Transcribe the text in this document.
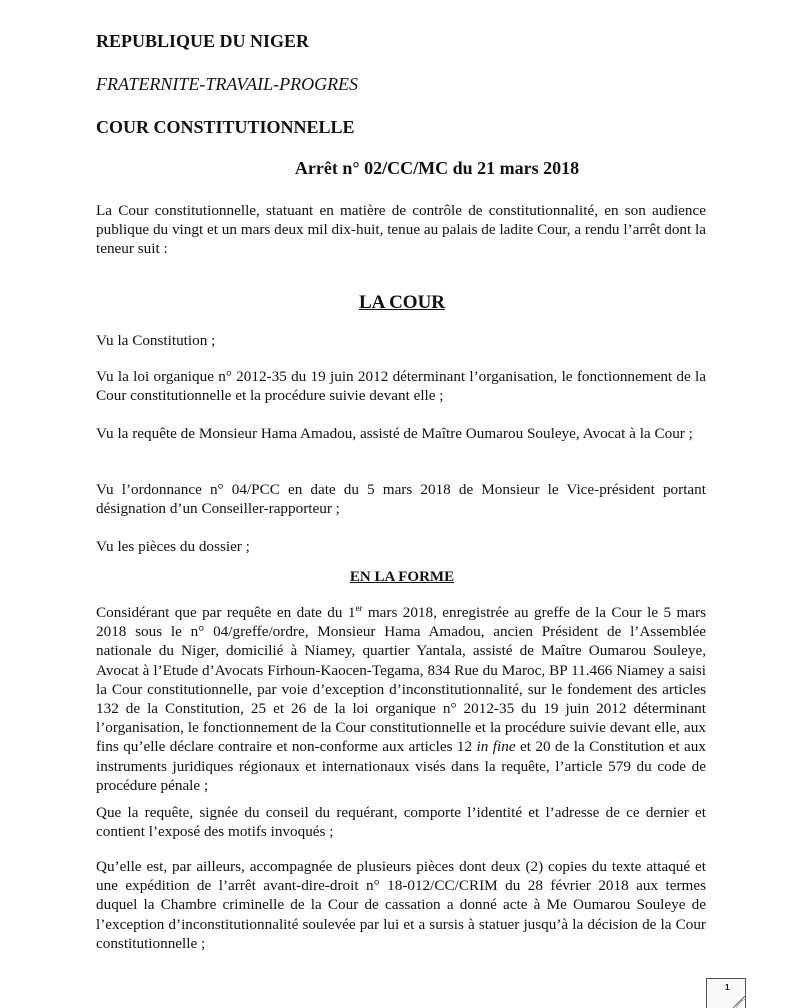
REPUBLIQUE DU NIGER
FRATERNITE-TRAVAIL-PROGRES
COUR CONSTITUTIONNELLE
Arrêt n° 02/CC/MC du 21 mars 2018

La Cour constitutionnelle, statuant en matière de contrôle de constitutionnalité, en son audience publique du vingt et un mars deux mil dix-huit, tenue au palais de ladite Cour, a rendu l’arrêt dont la teneur suit :

LA COUR

Vu la Constitution ;

Vu la loi organique n° 2012-35 du 19 juin 2012 déterminant l’organisation, le fonctionnement de la Cour constitutionnelle et la procédure suivie devant elle ;

Vu la requête de Monsieur Hama Amadou, assisté de Maître Oumarou Souleye, Avocat à la Cour ;

Vu l’ordonnance n° 04/PCC en date du 5 mars 2018 de Monsieur le Vice-président portant désignation d’un Conseiller-rapporteur ;

Vu les pièces du dossier ;

EN LA FORME

Considérant que par requête en date du 1er mars 2018, enregistrée au greffe de la Cour le 5 mars 2018 sous le n° 04/greffe/ordre, Monsieur Hama Amadou, ancien Président de l’Assemblée nationale du Niger, domicilié à Niamey, quartier Yantala, assisté de Maître Oumarou Souleye, Avocat à l’Etude d’Avocats Firhoun-Kaocen-Tegama, 834 Rue du Maroc, BP 11.466 Niamey a saisi la Cour constitutionnelle, par voie d’exception d’inconstitutionnalité, sur le fondement des articles 132 de la Constitution, 25 et 26 de la loi organique n° 2012-35 du 19 juin 2012 déterminant l’organisation, le fonctionnement de la Cour constitutionnelle et la procédure suivie devant elle, aux fins qu’elle déclare contraire et non-conforme aux articles 12 in fine et 20 de la Constitution et aux instruments juridiques régionaux et internationaux visés dans la requête, l’article 579 du code de procédure pénale ;

Que la requête, signée du conseil du requérant, comporte l’identité et l’adresse de ce dernier et contient l’exposé des motifs invoqués ;

Qu’elle est, par ailleurs, accompagnée de plusieurs pièces dont deux (2) copies du texte attaqué et une expédition de l’arrêt avant-dire-droit n° 18-012/CC/CRIM du 28 février 2018 aux termes duquel la Chambre criminelle de la Cour de cassation a donné acte à Me Oumarou Souleye de l’exception d’inconstitutionnalité soulevée par lui et a sursis à statuer jusqu’à la décision de la Cour constitutionnelle ;

1
